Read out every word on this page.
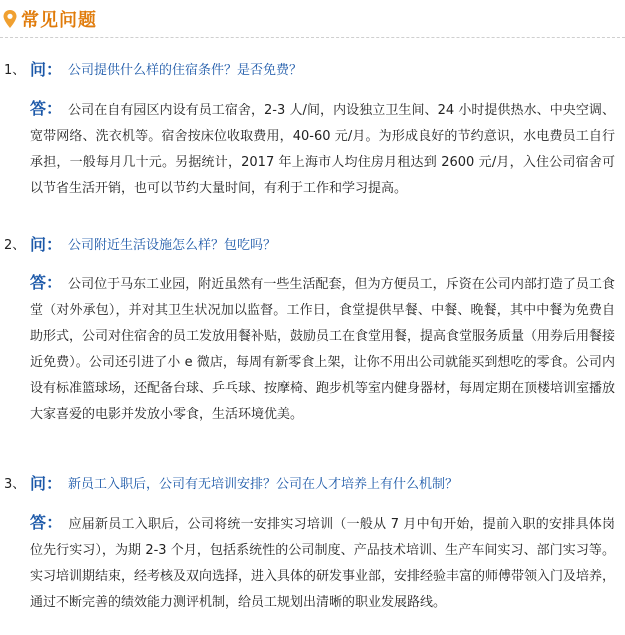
常见问题
1、 问： 公司提供什么样的住宿条件？是否免费？
答： 公司在自有园区内设有员工宿舍，2-3 人/间，内设独立卫生间、24 小时提供热水、中央空调、宽带网络、洗衣机等。宿舍按床位收取费用，40-60 元/月。为形成良好的节约意识，水电费员工自行承担，一般每月几十元。另据统计，2017 年上海市人均住房月租达到 2600 元/月，入住公司宿舍可以节省生活开销，也可以节约大量时间，有利于工作和学习提高。
2、 问： 公司附近生活设施怎么样？包吃吗？
答： 公司位于马东工业园，附近虽然有一些生活配套，但为方便员工，斥资在公司内部打造了员工食堂（对外承包），并对其卫生状况加以监督。工作日，食堂提供早餐、中餐、晚餐，其中中餐为免费自助形式，公司对住宿舍的员工发放用餐补贴，鼓励员工在食堂用餐，提高食堂服务质量（用券后用餐接近免费）。公司还引进了小 e 微店，每周有新零食上架，让你不用出公司就能买到想吃的零食。公司内设有标准篮球场，还配备台球、乒乓球、按摩椅、跑步机等室内健身器材，每周定期在顶楼培训室播放大家喜爱的电影并发放小零食，生活环境优美。
3、 问： 新员工入职后，公司有无培训安排？公司在人才培养上有什么机制？
答： 应届新员工入职后，公司将统一安排实习培训（一般从 7 月中旬开始，提前入职的安排具体岗位先行实习），为期 2-3 个月，包括系统性的公司制度、产品技术培训、生产车间实习、部门实习等。实习培训期结束，经考核及双向选择，进入具体的研发事业部，安排经验丰富的师傅带领入门及培养，通过不断完善的绩效能力测评机制，给员工规划出清晰的职业发展路线。
